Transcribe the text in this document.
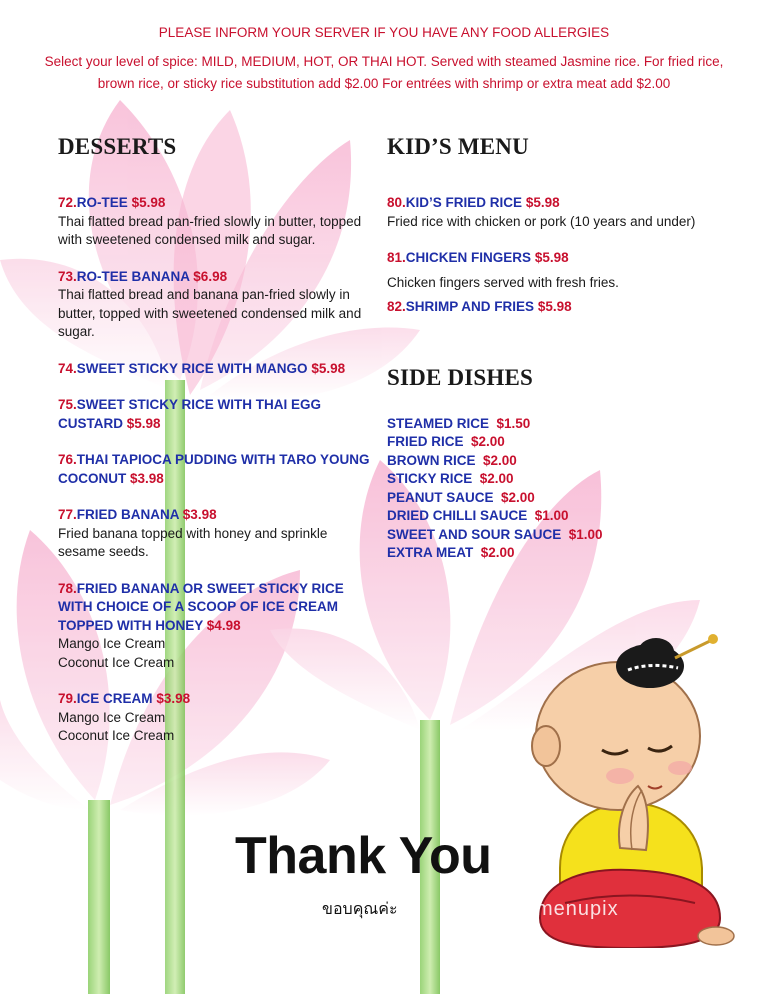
PLEASE INFORM YOUR SERVER IF YOU HAVE ANY FOOD ALLERGIES
Select your level of spice: MILD, MEDIUM, HOT, OR THAI HOT. Served with steamed Jasmine rice. For fried rice, brown rice, or sticky rice substitution add $2.00 For entrées with shrimp or extra meat add $2.00
DESSERTS
72.RO-TEE $5.98
Thai flatted bread pan-fried slowly in butter, topped with sweetened condensed milk and sugar.
73.RO-TEE BANANA $6.98
Thai flatted bread and banana pan-fried slowly in butter, topped with sweetened condensed milk and sugar.
74.SWEET STICKY RICE WITH MANGO $5.98
75.SWEET STICKY RICE WITH THAI EGG CUSTARD $5.98
76.THAI TAPIOCA PUDDING WITH TARO YOUNG COCONUT $3.98
77.FRIED BANANA $3.98
Fried banana topped with honey and sprinkle sesame seeds.
78.FRIED BANANA OR SWEET STICKY RICE WITH CHOICE OF A SCOOP OF ICE CREAM TOPPED WITH HONEY $4.98
Mango Ice Cream
Coconut Ice Cream
79.ICE CREAM $3.98
Mango Ice Cream
Coconut Ice Cream
KID’S MENU
80.KID’S FRIED RICE $5.98
Fried rice with chicken or pork (10 years and under)
81.CHICKEN FINGERS $5.98
Chicken fingers served with fresh fries.
82.SHRIMP AND FRIES $5.98
SIDE DISHES
STEAMED RICE $1.50
FRIED RICE $2.00
BROWN RICE $2.00
STICKY RICE $2.00
PEANUT SAUCE $2.00
DRIED CHILLI SAUCE $1.00
SWEET AND SOUR SAUCE $1.00
EXTRA MEAT $2.00
Thank You
ขอบคุณค่ะ	menupix
